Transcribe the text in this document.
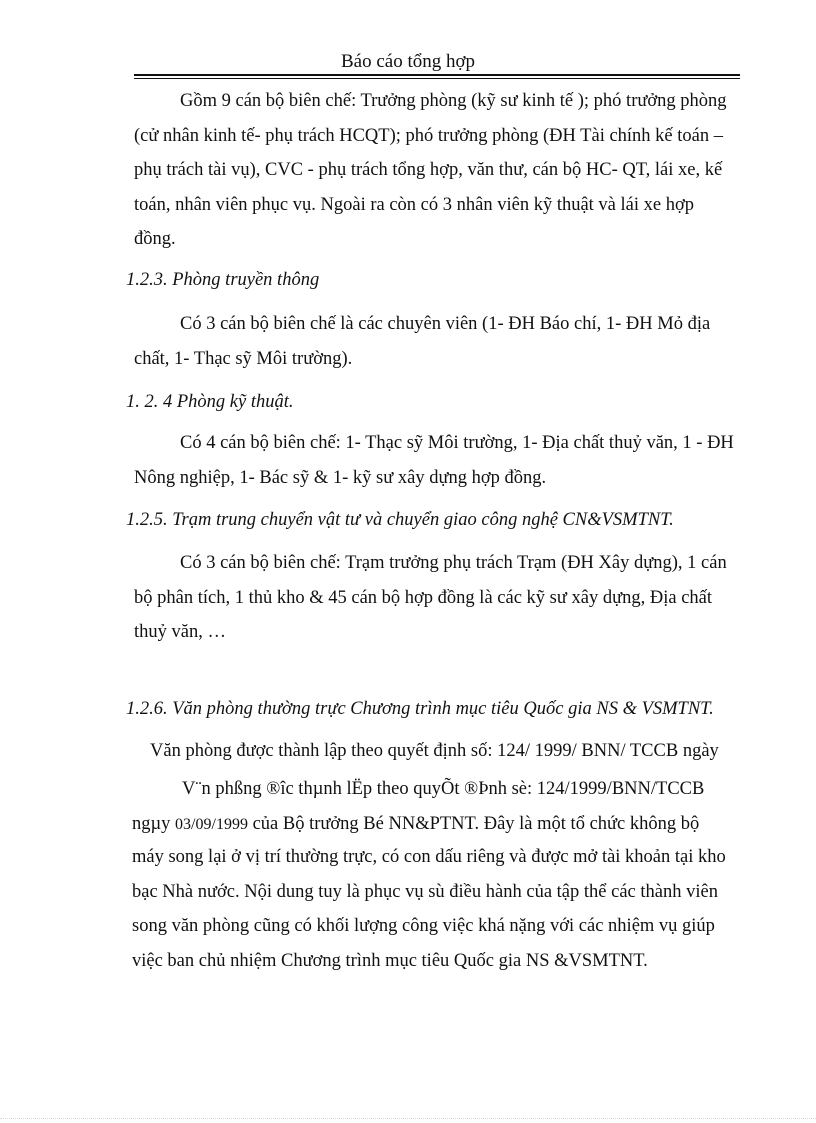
Báo cáo tổng hợp
Gồm 9 cán bộ biên chế: Trưởng phòng (kỹ sư kinh tế ); phó trưởng phòng
(cử nhân kinh tế- phụ trách HCQT); phó trưởng phòng (ĐH Tài chính kế toán –
phụ trách tài vụ), CVC - phụ trách tổng hợp, văn thư, cán bộ HC- QT, lái xe, kế
toán, nhân viên phục vụ. Ngoài ra còn có 3 nhân viên kỹ thuật và lái xe hợp
đồng.
1.2.3. Phòng truyền thông
Có 3 cán bộ biên chế là các chuyên viên (1- ĐH Báo chí, 1- ĐH Mỏ địa
chất, 1- Thạc sỹ Môi trường).
1. 2. 4 Phòng kỹ thuật.
Có 4 cán bộ biên chế: 1- Thạc sỹ Môi trường, 1- Địa chất thuỷ văn, 1 - ĐH
Nông nghiệp, 1- Bác sỹ & 1- kỹ sư xây dựng hợp đồng.
1.2.5. Trạm trung chuyển vật tư và chuyển giao công nghệ CN&VSMTNT.
Có 3 cán bộ biên chế: Trạm trưởng phụ trách Trạm (ĐH Xây dựng), 1 cán
bộ phân tích, 1 thủ kho & 45 cán bộ hợp đồng là các kỹ sư xây dựng, Địa chất
thuỷ văn, …
1.2.6. Văn phòng thường trực Chương trình mục tiêu Quốc gia NS & VSMTNT.
Văn phòng được thành lập theo quyết định số: 124/ 1999/ BNN/ TCCB ngày
V¨n phßng ®îc thµnh lËp theo quyÕt ®Þnh sè: 124/1999/BNN/TCCB
ngµy 03/09/1999 của Bộ trưởng Bé NN&PTNT. Đây là một tổ chức không bộ
máy song lại ở vị trí thường trực, có con dấu riêng và được mở tài khoản tại kho
bạc Nhà nước. Nội dung tuy là phục vụ sù điều hành của tập thể các thành viên
song văn phòng cũng có khối lượng công việc khá nặng với các nhiệm vụ giúp
việc ban chủ nhiệm Chương trình mục tiêu Quốc gia NS &VSMTNT.
